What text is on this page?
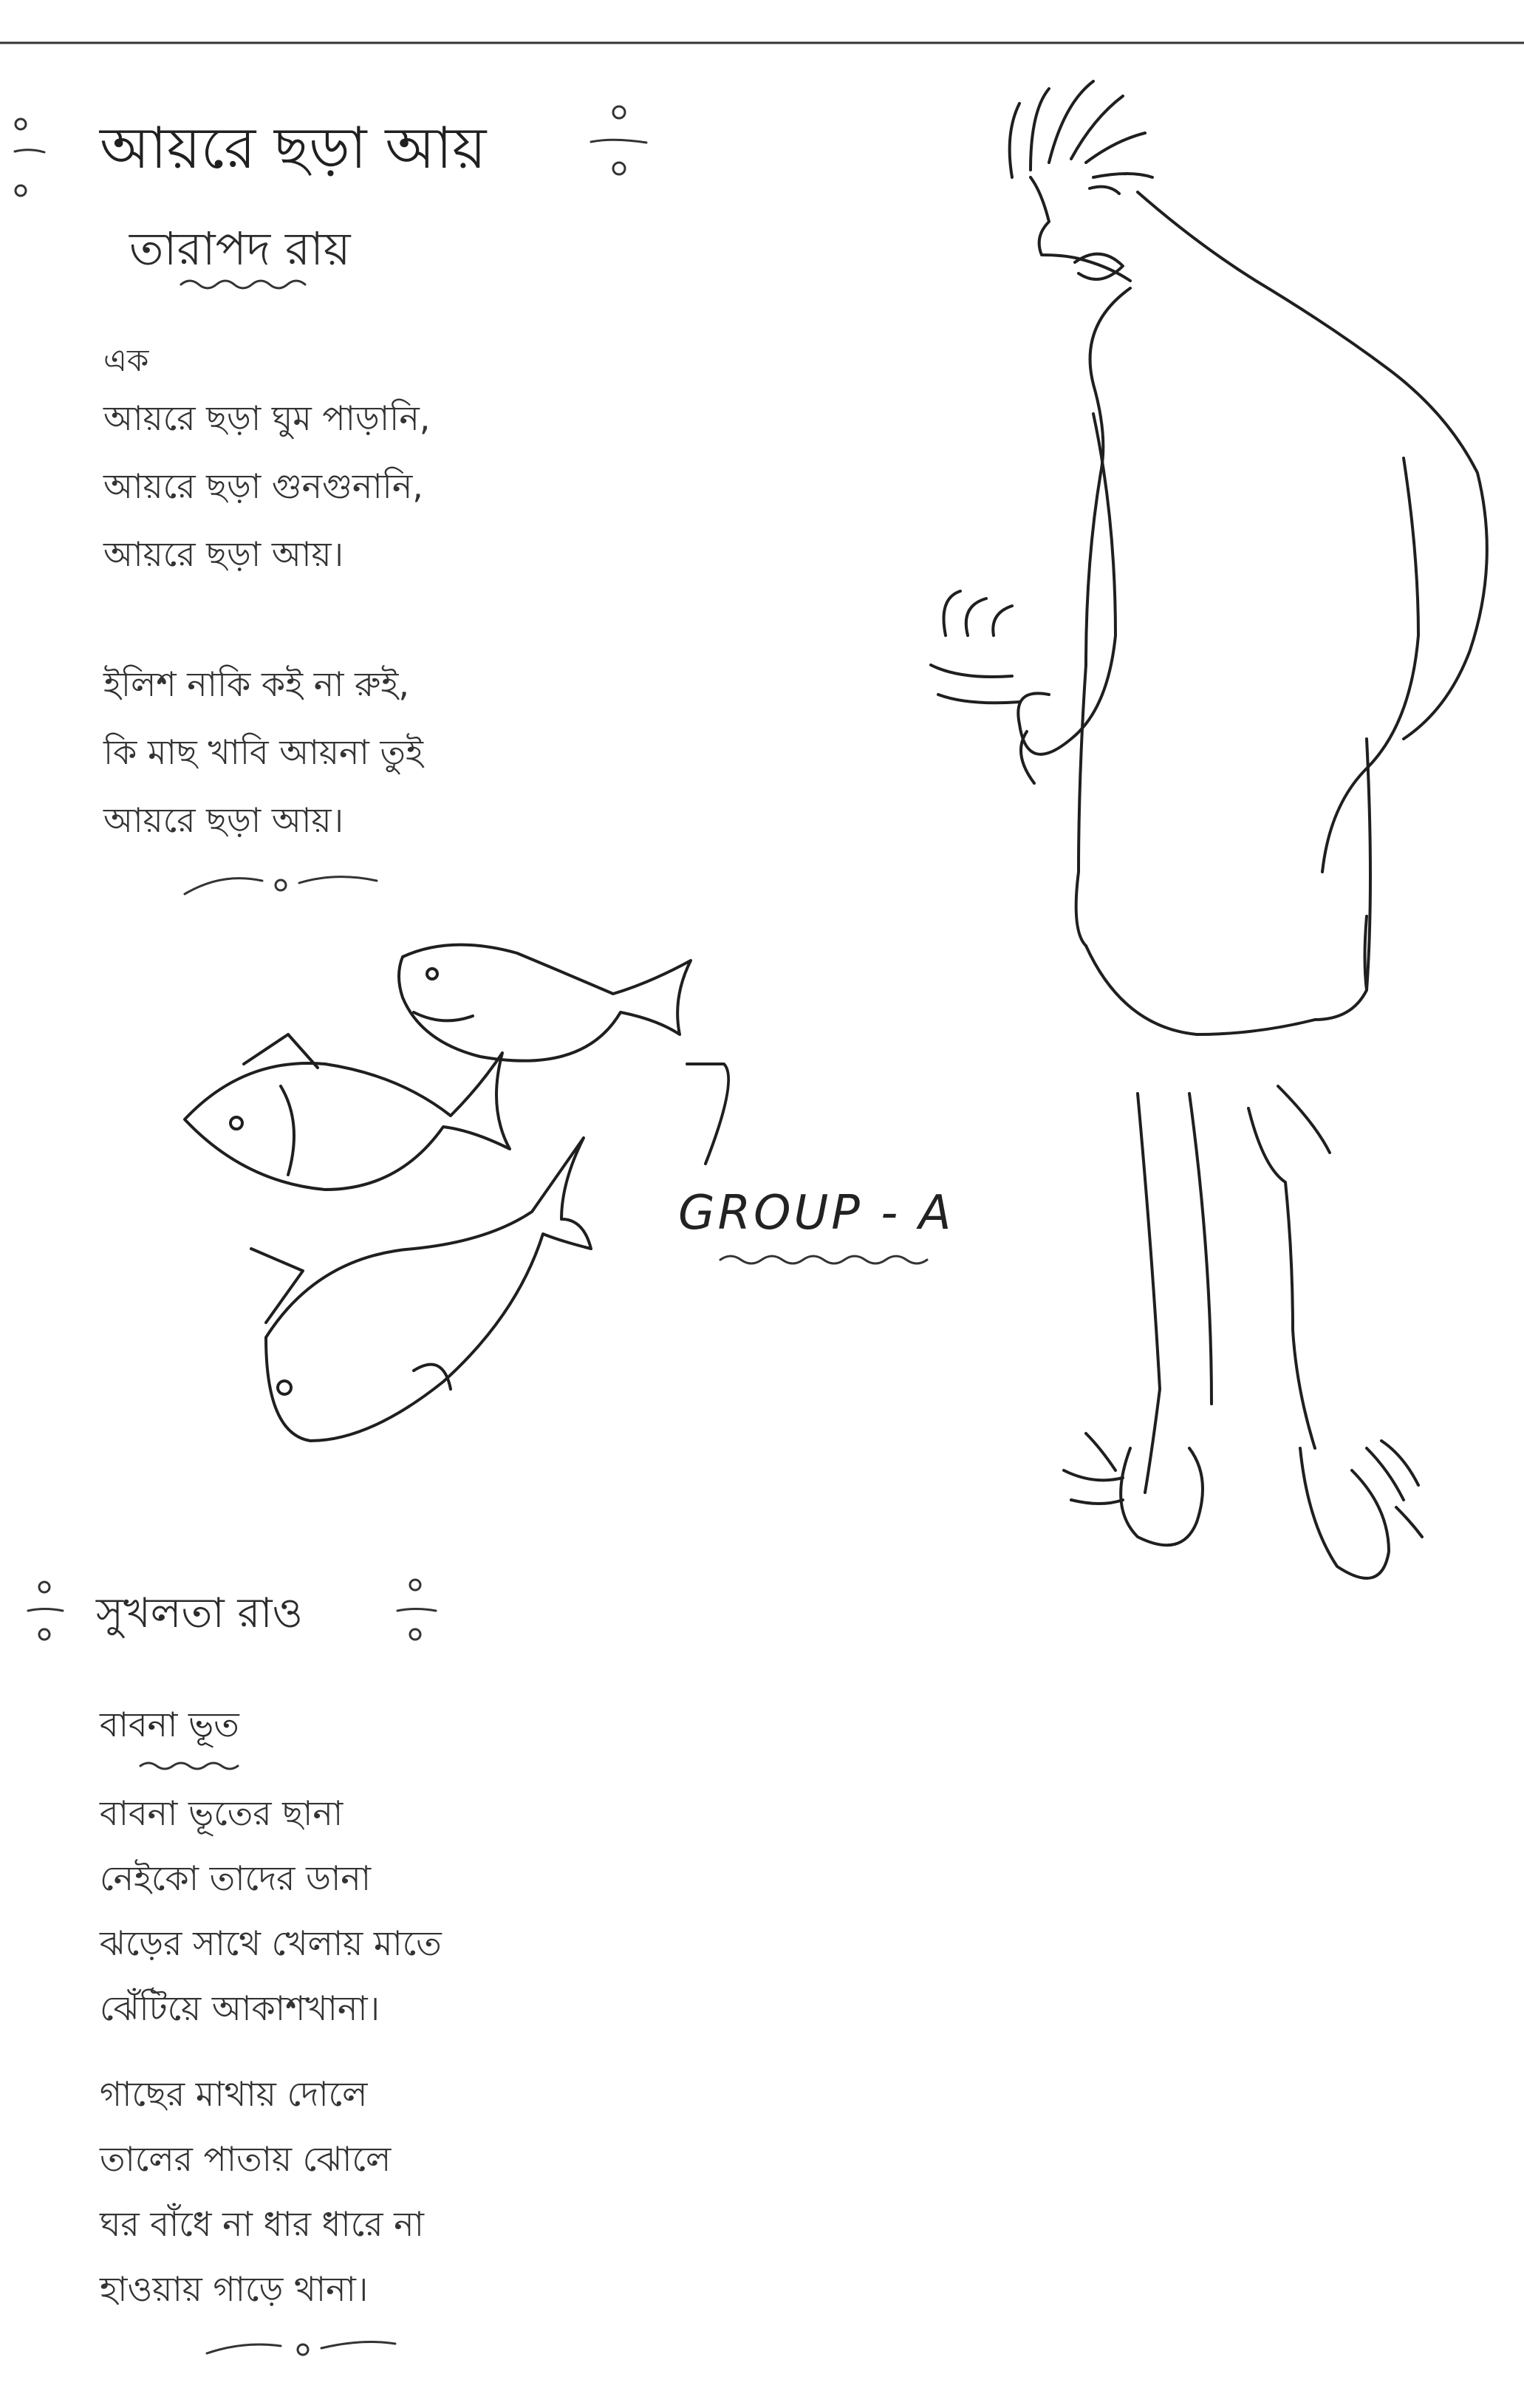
আয়রে ছড়া আয়
তারাপদ রায়
এক
আয়রে ছড়া ঘুম পাড়ানি,
আয়রে ছড়া গুনগুনানি,
আয়রে ছড়া আয়।
ইলিশ নাকি কই না রুই,
কি মাছ খাবি আয়না তুই
আয়রে ছড়া আয়।
GROUP - A
সুখলতা রাও
বাবনা ভূত
বাবনা ভূতের ছানা
নেইকো তাদের ডানা
ঝড়ের সাথে খেলায় মাতে
ঝেঁটিয়ে আকাশখানা।
গাছের মাথায় দোলে
তালের পাতায় ঝোলে
ঘর বাঁধে না ধার ধারে না
হাওয়ায় গাড়ে থানা।
